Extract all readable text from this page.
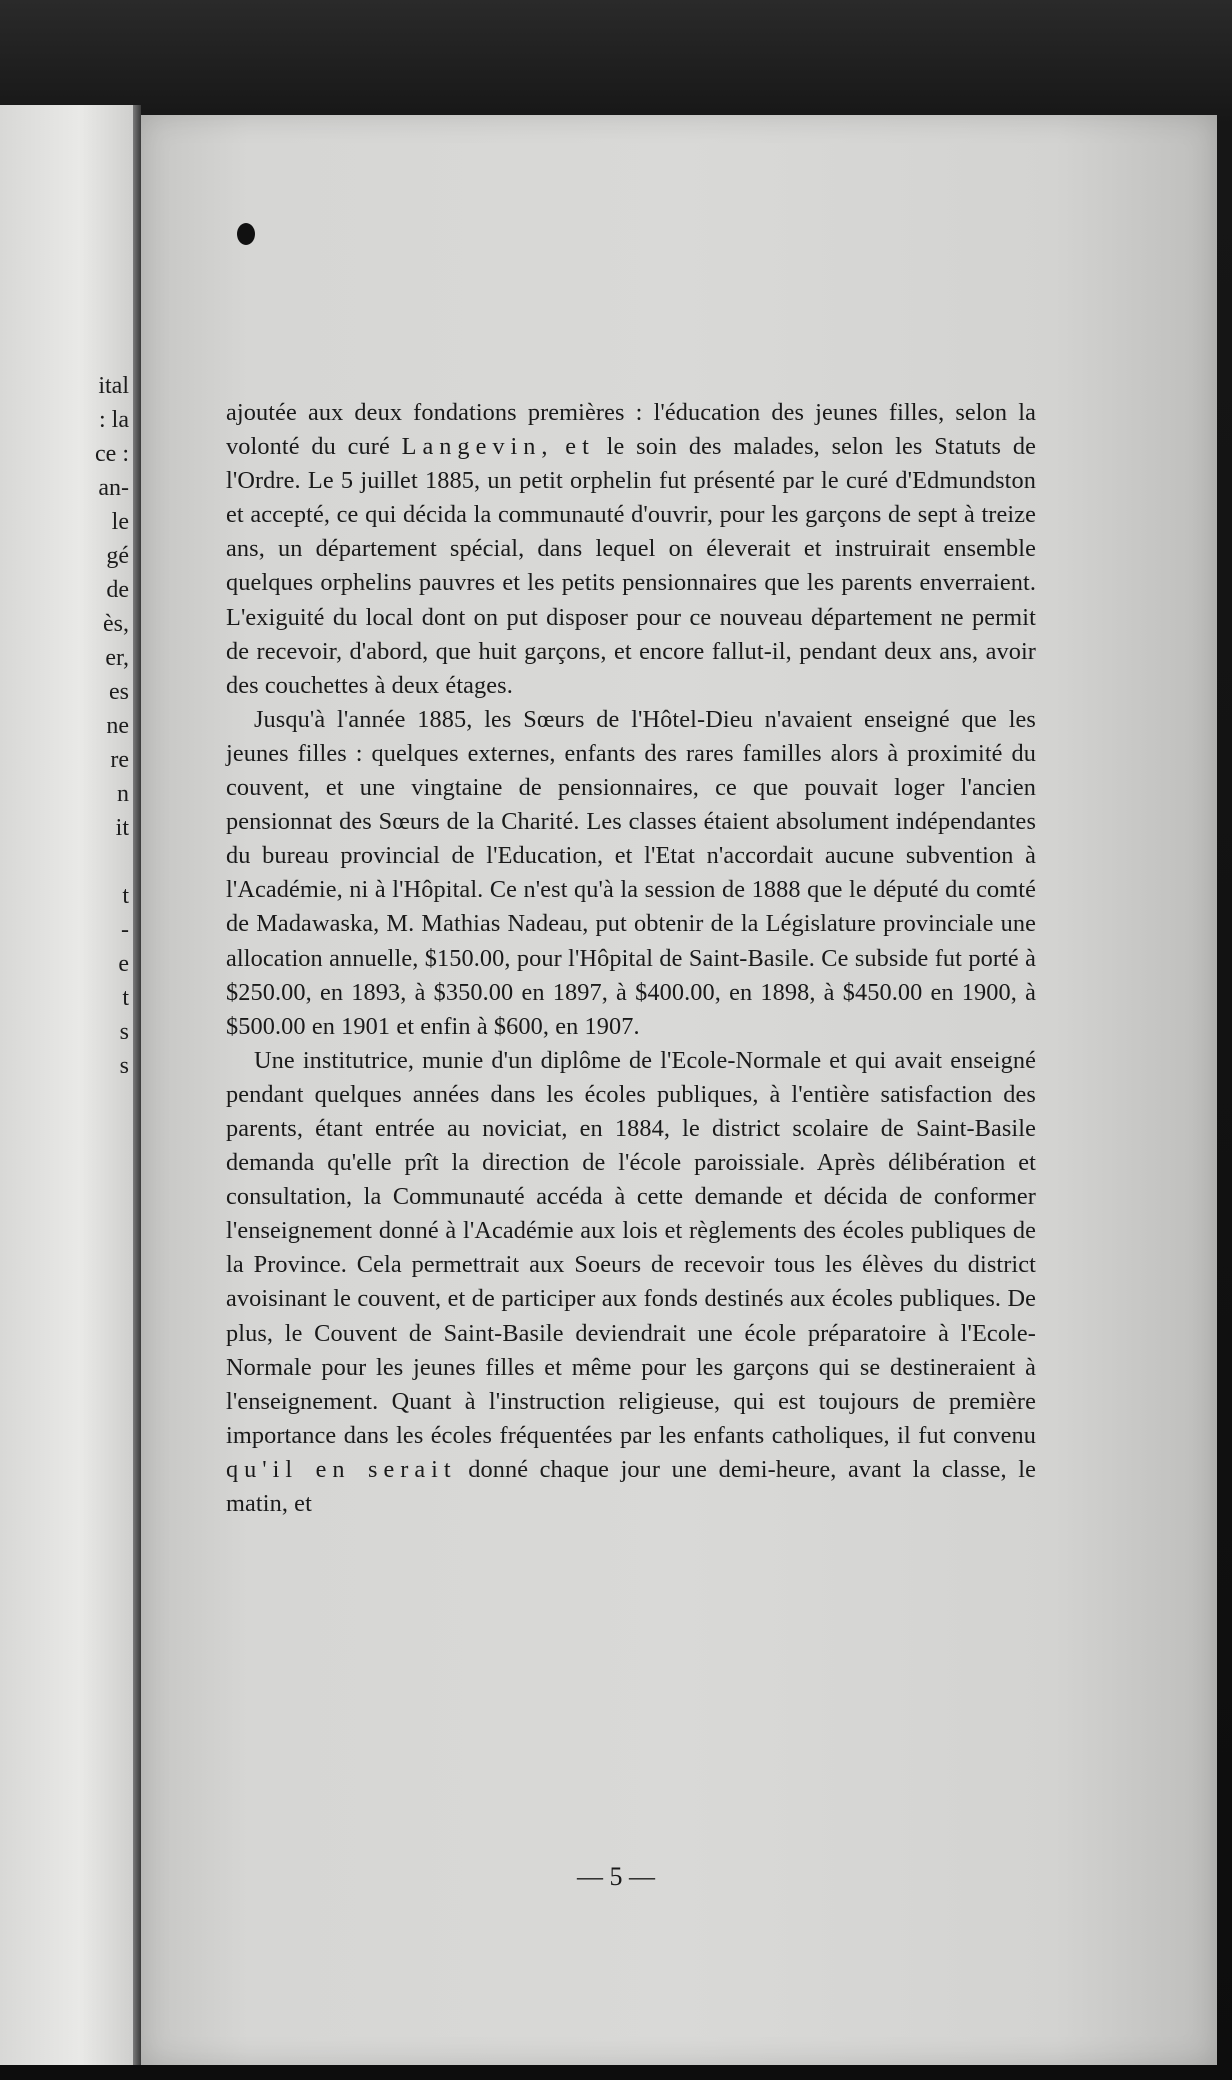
ital
: la
ce :
an-
le
gé
de
ès,
er,
es
ne
re
n
it
t
-
e
t
s
s

ajoutée aux deux fondations premières : l'éducation des jeunes filles, selon la volonté du curé Langevin, et le soin des malades, selon les Statuts de l'Ordre. Le 5 juillet 1885, un petit orphelin fut présenté par le curé d'Edmundston et accepté, ce qui décida la communauté d'ouvrir, pour les garçons de sept à treize ans, un département spécial, dans lequel on éleverait et instruirait ensemble quelques orphelins pauvres et les petits pensionnaires que les parents enverraient. L'exiguité du local dont on put disposer pour ce nouveau département ne permit de recevoir, d'abord, que huit garçons, et encore fallut-il, pendant deux ans, avoir des couchettes à deux étages.

Jusqu'à l'année 1885, les Sœurs de l'Hôtel-Dieu n'avaient enseigné que les jeunes filles : quelques externes, enfants des rares familles alors à proximité du couvent, et une vingtaine de pensionnaires, ce que pouvait loger l'ancien pensionnat des Sœurs de la Charité. Les classes étaient absolument indépendantes du bureau provincial de l'Education, et l'Etat n'accordait aucune subvention à l'Académie, ni à l'Hôpital. Ce n'est qu'à la session de 1888 que le député du comté de Madawaska, M. Mathias Nadeau, put obtenir de la Législature provinciale une allocation annuelle, $150.00, pour l'Hôpital de Saint-Basile. Ce subside fut porté à $250.00, en 1893, à $350.00 en 1897, à $400.00, en 1898, à $450.00 en 1900, à $500.00 en 1901 et enfin à $600, en 1907.

Une institutrice, munie d'un diplôme de l'Ecole-Normale et qui avait enseigné pendant quelques années dans les écoles publiques, à l'entière satisfaction des parents, étant entrée au noviciat, en 1884, le district scolaire de Saint-Basile demanda qu'elle prît la direction de l'école paroissiale. Après délibération et consultation, la Communauté accéda à cette demande et décida de conformer l'enseignement donné à l'Académie aux lois et règlements des écoles publiques de la Province. Cela permettrait aux Soeurs de recevoir tous les élèves du district avoisinant le couvent, et de participer aux fonds destinés aux écoles publiques. De plus, le Couvent de Saint-Basile deviendrait une école préparatoire à l'Ecole-Normale pour les jeunes filles et même pour les garçons qui se destineraient à l'enseignement. Quant à l'instruction religieuse, qui est toujours de première importance dans les écoles fréquentées par les enfants catholiques, il fut convenu qu'il en serait donné chaque jour une demi-heure, avant la classe, le matin, et

— 5 —
